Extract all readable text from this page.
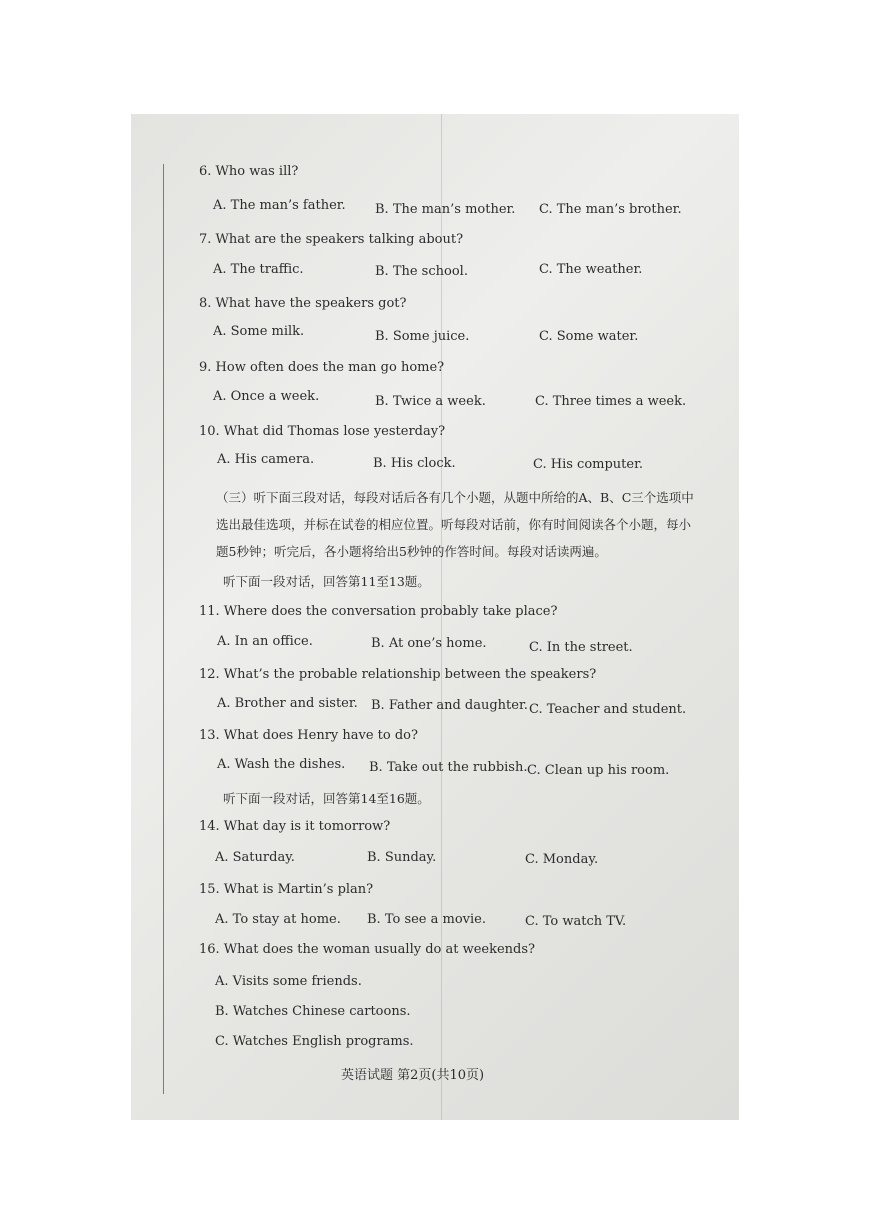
6. Who was ill?
A. The man’s father. B. The man’s mother. C. The man’s brother.
7. What are the speakers talking about?
A. The traffic.	B. The school.	C. The weather.
8. What have the speakers got?
A. Some milk.	B. Some juice.	C. Some water.
9. How often does the man go home?
A. Once a week.	B. Twice a week.	C. Three times a week.
10. What did Thomas lose yesterday?
A. His camera.	B. His clock.	C. His computer.
（三）听下面三段对话，每段对话后各有几个小题，从题中所给的A、B、C三个选项中选出最佳选项，并标在试卷的相应位置。听每段对话前，你有时间阅读各个小题，每小题5秒钟；听完后，各小题将给出5秒钟的作答时间。每段对话读两遍。
听下面一段对话，回答第11至13题。
11. Where does the conversation probably take place?
A. In an office.	B. At one’s home.	C. In the street.
12. What’s the probable relationship between the speakers?
A. Brother and sister. B. Father and daughter. C. Teacher and student.
13. What does Henry have to do?
A. Wash the dishes. B. Take out the rubbish. C. Clean up his room.
听下面一段对话，回答第14至16题。
14. What day is it tomorrow?
A. Saturday.	B. Sunday.	C. Monday.
15. What is Martin’s plan?
A. To stay at home. B. To see a movie.	C. To watch TV.
16. What does the woman usually do at weekends?
A. Visits some friends.
B. Watches Chinese cartoons.
C. Watches English programs.
英语试题 第2页(共10页)
